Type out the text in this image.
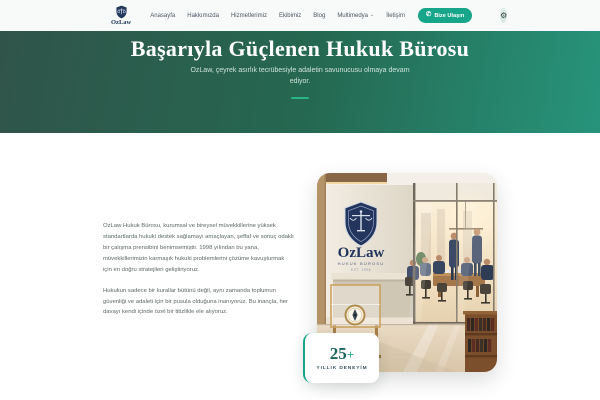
OzLaw
Anasayfa Hakkımızda Hizmetlerimiz Ekibimiz Blog Multimedya ⌄ İletişim	✆ Bize Ulaşın	⚙
Başarıyla Güçlenen Hukuk Bürosu
OzLaw, çeyrek asırlık tecrübesiyle adaletin savunucusu olmaya devam ediyor.

OzLaw Hukuk Bürosu, kurumsal ve bireysel müvekkillerine yüksek standartlarda hukuki destek sağlamayı amaçlayan, şeffaf ve sonuç odaklı bir çalışma prensibini benimsemiştir. 1998 yılından bu yana, müvekkillerimizin karmaşık hukuki problemlerini çözüme kavuşturmak için en doğru stratejileri geliştiriyoruz.

Hukukun sadece bir kurallar bütünü değil, aynı zamanda toplumun güvenliği ve adaleti için bir pusula olduğuna inanıyoruz. Bu inançla, her davayı kendi içinde özel bir titizlikle ele alıyoruz.

OzLaw
HUKUK BÜROSU
EST. 1998
25+
YILLIK DENEYİM
